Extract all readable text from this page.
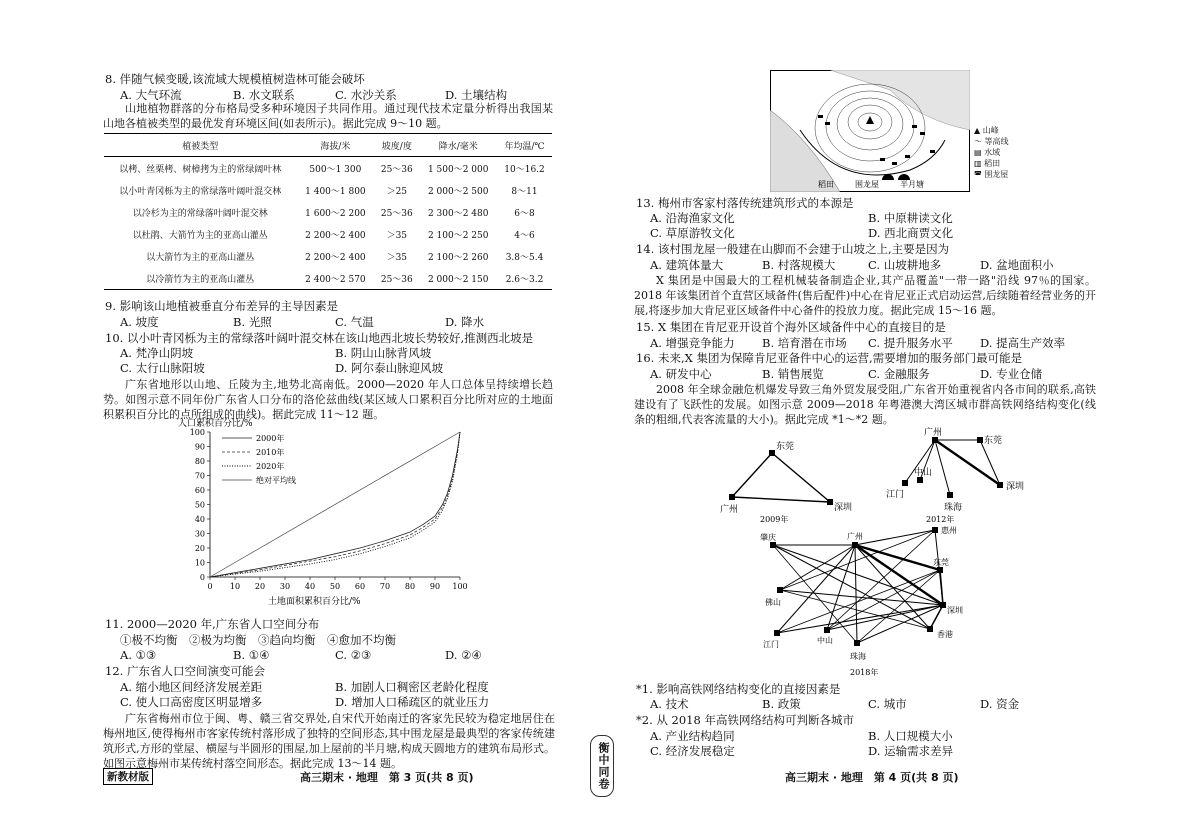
8. 伴随气候变暖,该流域大规模植树造林可能会破坏
A. 大气环流	B. 水文联系	C. 水沙关系	D. 土壤结构
山地植物群落的分布格局受多种环境因子共同作用。通过现代技术定量分析得出我国某山地各植被类型的最优发育环境区间(如表所示)。据此完成 9～10 题。
植被类型	海拔/米	坡度/度	降水/毫米	年均温/℃
以栲、丝栗栲、树樟拷为主的常绿阔叶林	500～1 300	25～36	1 500～2 000	10～16.2
以小叶青冈栎为主的常绿落叶阔叶混交林	1 400～1 800	＞25	2 000～2 500	8～11
以冷杉为主的常绿落叶阔叶混交林	1 600～2 200	25～36	2 300～2 480	6～8
以杜鹃、大箭竹为主的亚高山灌丛	2 200～2 400	＞35	2 100～2 250	4～6
以大箭竹为主的亚高山灌丛	2 200～2 400	＞35	2 100～2 260	3.8～5.4
以冷箭竹为主的亚高山灌丛	2 400～2 570	25～36	2 000～2 150	2.6～3.2
9. 影响该山地植被垂直分布差异的主导因素是
A. 坡度	B. 光照	C. 气温	D. 降水
10. 以小叶青冈栎为主的常绿落叶阔叶混交林在该山地西北坡长势较好,推测西北坡是
A. 梵净山阴坡	B. 阴山山脉背风坡
C. 太行山脉阳坡	D. 阿尔泰山脉迎风坡
广东省地形以山地、丘陵为主,地势北高南低。2000—2020 年人口总体呈持续增长趋势。如图示意不同年份广东省人口分布的洛伦兹曲线(某区域人口累积百分比所对应的土地面积累积百分比的点所组成的曲线)。据此完成 11～12 题。
人口累积百分比/%
土地面积累积百分比/%
0
10
20
30
40
50
60
70
80
90
100
0 10 20 30 40 50 60 70 80 90 100
2000年
2010年
2020年
绝对平均线
11. 2000—2020 年,广东省人口空间分布
①极不均衡　②极为均衡　③趋向均衡　④愈加不均衡
A. ①③	B. ①④	C. ②③	D. ②④
12. 广东省人口空间演变可能会
A. 缩小地区间经济发展差距	B. 加剧人口稠密区老龄化程度
C. 使人口高密度区明显增多	D. 增加人口稀疏区的就业压力
广东省梅州市位于闽、粤、赣三省交界处,自宋代开始南迁的客家先民较为稳定地居住在梅州地区,使得梅州市客家传统村落形成了独特的空间形态,其中围龙屋是最典型的客家传统建筑形式,方形的堂屋、横屋与半圆形的围屋,加上屋前的半月塘,构成天圆地方的建筑布局形式。如图示意梅州市某传统村落空间形态。据此完成 13～14 题。
新教材版	高三期末 · 地理　第 3 页(共 8 页)	衡中同卷
稻田	围龙屋	半月塘
▲ 山峰
～ 等高线
▤ 水域
▥ 稻田
◚ 围龙屋
13. 梅州市客家村落传统建筑形式的本源是
A. 沿海渔家文化	B. 中原耕读文化
C. 草原游牧文化	D. 西北商贾文化
14. 该村围龙屋一般建在山脚而不会建于山坡之上,主要是因为
A. 建筑体量大	B. 村落规模大	C. 山坡耕地多	D. 盆地面积小
X 集团是中国最大的工程机械装备制造企业,其产品覆盖"一带一路"沿线 97％的国家。2018 年该集团首个直营区域备件(售后配件)中心在肯尼亚正式启动运营,后续随着经营业务的开展,将逐步加大肯尼亚区域备件中心备件的投放力度。据此完成 15～16 题。
15. X 集团在肯尼亚开设首个海外区域备件中心的直接目的是
A. 增强竞争能力 B. 培育潜在市场 C. 提升服务水平 D. 提高生产效率
16. 未来,X 集团为保障肯尼亚备件中心的运营,需要增加的服务部门最可能是
A. 研发中心	B. 销售展览	C. 金融服务	D. 专业仓储
2008 年全球金融危机爆发导致三角外贸发展受阻,广东省开始重视省内各市间的联系,高铁建设有了飞跃性的发展。如图示意 2009—2018 年粤港澳大湾区城市群高铁网络结构变化(线条的粗细,代表客流量的大小)。据此完成 *1～*2 题。
东莞
广州	深圳
2009年
广州
东莞
中山
江门
珠海
深圳
2012年
肇庆	广州
惠州
东莞
佛山
深圳
江门	中山
珠海
香港
2018年
*1. 影响高铁网络结构变化的直接因素是
A. 技术	B. 政策	C. 城市	D. 资金
*2. 从 2018 年高铁网络结构可判断各城市
A. 产业结构趋同	B. 人口规模大小
C. 经济发展稳定	D. 运输需求差异
高三期末 · 地理　第 4 页(共 8 页)
